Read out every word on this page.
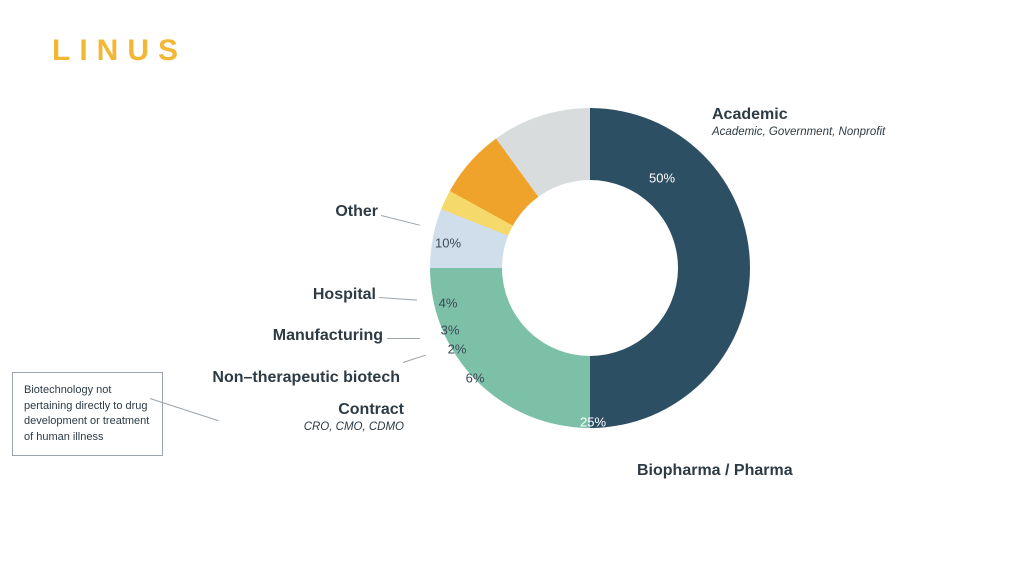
LINUS
50%
25%
6%
2%
3%
4%
10%
Academic
Academic, Government, Nonprofit
Biopharma / Pharma
Other
Hospital
Manufacturing
Non–therapeutic biotech
Contract
CRO, CMO, CDMO
Biotechnology not pertaining directly to drug development or treatment of human illness
